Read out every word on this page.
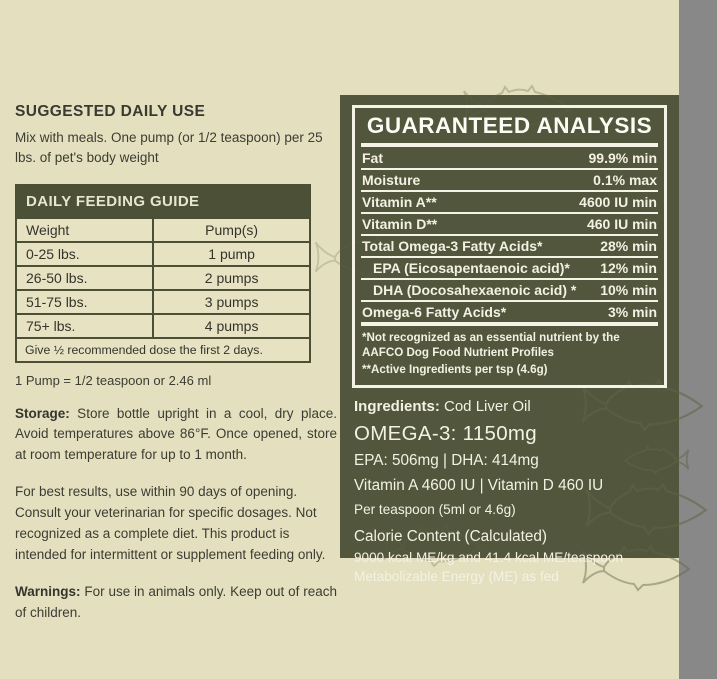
SUGGESTED DAILY USE
Mix with meals. One pump (or 1/2 teaspoon) per 25 lbs. of pet's body weight
DAILY FEEDING GUIDE
Weight	Pump(s)
0-25 lbs.	1 pump
26-50 lbs.	2 pumps
51-75 lbs.	3 pumps
75+ lbs.	4 pumps
Give ½ recommended dose the first 2 days.
1 Pump = 1/2 teaspoon or 2.46 ml
Storage: Store bottle upright in a cool, dry place. Avoid temperatures above 86°F. Once opened, store at room temperature for up to 1 month.
For best results, use within 90 days of opening. Consult your veterinarian for specific dosages. Not recognized as a complete diet. This product is intended for intermittent or supplement feeding only.
Warnings: For use in animals only. Keep out of reach of children.
GUARANTEED ANALYSIS
Fat	99.9% min
Moisture	0.1% max
Vitamin A**	4600 IU min
Vitamin D**	460 IU min
Total Omega-3 Fatty Acids*	28% min
EPA (Eicosapentaenoic acid)* 12% min
DHA (Docosahexaenoic acid) * 10% min
Omega-6 Fatty Acids*	3% min
*Not recognized as an essential nutrient by the AAFCO Dog Food Nutrient Profiles
**Active Ingredients per tsp (4.6g)
Ingredients: Cod Liver Oil
OMEGA-3: 1150mg
EPA: 506mg | DHA: 414mg
Vitamin A 4600 IU | Vitamin D 460 IU
Per teaspoon (5ml or 4.6g)
Calorie Content (Calculated)
9000 kcal ME/kg and 41.4 kcal ME/teaspoon
Metabolizable Energy (ME) as fed
